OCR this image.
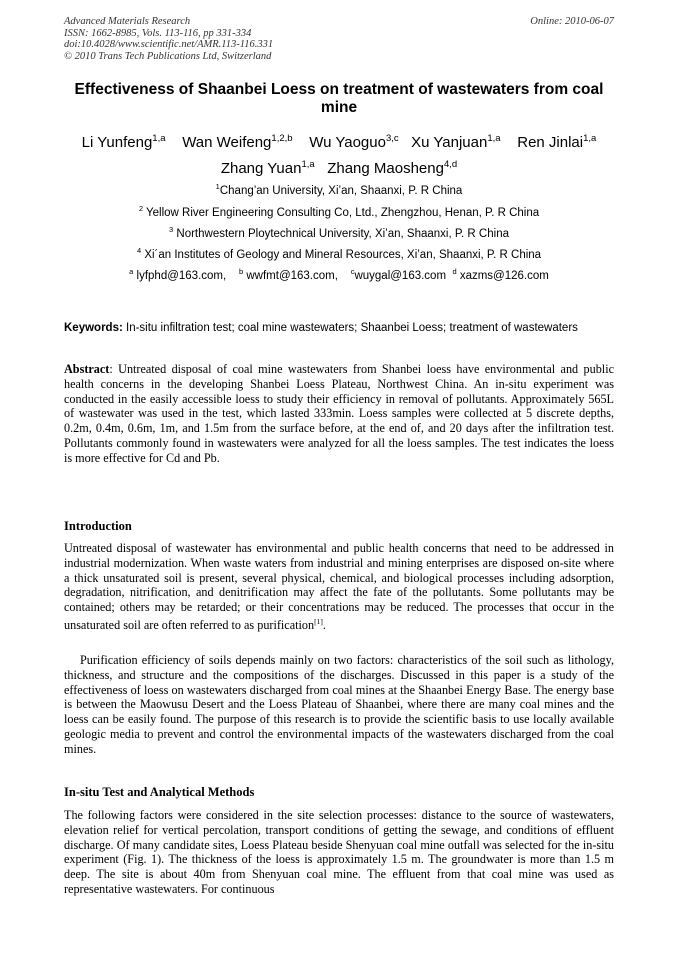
Advanced Materials Research
ISSN: 1662-8985, Vols. 113-116, pp 331-334
doi:10.4028/www.scientific.net/AMR.113-116.331
© 2010 Trans Tech Publications Ltd, Switzerland
Online: 2010-06-07
Effectiveness of Shaanbei Loess on treatment of wastewaters from coal mine
Li Yunfeng$^{1,a}$ Wan Weifeng$^{1,2,b}$ Wu Yaoguo$^{3,c}$ Xu Yanjuan$^{1,a}$ Ren Jinlai$^{1,a}$
Zhang Yuan$^{1,a}$ Zhang Maosheng$^{4,d}$
$^1$Chang’an University, Xi’an, Shaanxi, P. R China
$^2$ Yellow River Engineering Consulting Co, Ltd., Zhengzhou, Henan, P. R China
$^3$ Northwestern Ploytechnical University, Xi’an, Shaanxi, P. R China
$^4$ Xi´an Institutes of Geology and Mineral Resources, Xi’an, Shaanxi, P. R China
$^a$ lyfphd@163.com, $^b$ wwfmt@163.com, $^c$wuygal@163.com $^d$ xazms@126.com
Keywords: In-situ infiltration test; coal mine wastewaters; Shaanbei Loess; treatment of wastewaters
Abstract: Untreated disposal of coal mine wastewaters from Shanbei loess have environmental and public health concerns in the developing Shanbei Loess Plateau, Northwest China. An in-situ experiment was conducted in the easily accessible loess to study their efficiency in removal of pollutants. Approximately 565L of wastewater was used in the test, which lasted 333min. Loess samples were collected at 5 discrete depths, 0.2m, 0.4m, 0.6m, 1m, and 1.5m from the surface before, at the end of, and 20 days after the infiltration test. Pollutants commonly found in wastewaters were analyzed for all the loess samples. The test indicates the loess is more effective for Cd and Pb.
Introduction
Untreated disposal of wastewater has environmental and public health concerns that need to be addressed in industrial modernization. When waste waters from industrial and mining enterprises are disposed on-site where a thick unsaturated soil is present, several physical, chemical, and biological processes including adsorption, degradation, nitrification, and denitrification may affect the fate of the pollutants. Some pollutants may be contained; others may be retarded; or their concentrations may be reduced. The processes that occur in the unsaturated soil are often referred to as purification[1].
Purification efficiency of soils depends mainly on two factors: characteristics of the soil such as lithology, thickness, and structure and the compositions of the discharges. Discussed in this paper is a study of the effectiveness of loess on wastewaters discharged from coal mines at the Shaanbei Energy Base. The energy base is between the Maowusu Desert and the Loess Plateau of Shaanbei, where there are many coal mines and the loess can be easily found. The purpose of this research is to provide the scientific basis to use locally available geologic media to prevent and control the environmental impacts of the wastewaters discharged from the coal mines.
In-situ Test and Analytical Methods
The following factors were considered in the site selection processes: distance to the source of wastewaters, elevation relief for vertical percolation, transport conditions of getting the sewage, and conditions of effluent discharge. Of many candidate sites, Loess Plateau beside Shenyuan coal mine outfall was selected for the in-situ experiment (Fig. 1). The thickness of the loess is approximately 1.5 m. The groundwater is more than 1.5 m deep. The site is about 40m from Shenyuan coal mine. The effluent from that coal mine was used as representative wastewaters. For continuous
